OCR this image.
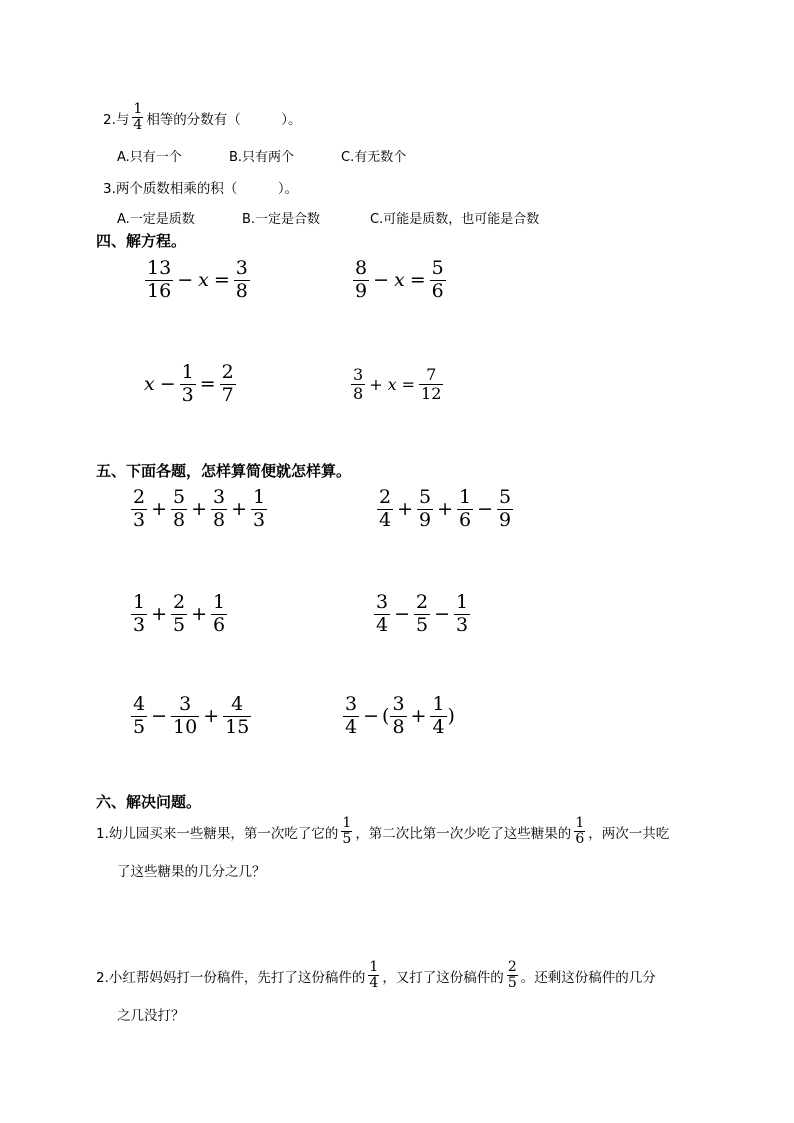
2.与
1
4 相等的分数有（　　　）。
A.只有一个	B.只有两个	C.有无数个
3.两个质数相乘的积（　　　）。
A.一定是质数	B.一定是合数	C.可能是质数，也可能是合数
四、解方程。
$\frac{13}{16} - x = \frac{3}{8}$	$\frac{8}{9} - x = \frac{5}{6}$
$x - \frac{1}{3} = \frac{2}{7}$	$\frac{3}{8} + x = \frac{7}{12}$
五、下面各题，怎样算简便就怎样算。
$\frac{2}{3} + \frac{5}{8} + \frac{3}{8} + \frac{1}{3}$	$\frac{2}{4} + \frac{5}{9} + \frac{1}{6} - \frac{5}{9}$
$\frac{1}{3} + \frac{2}{5} + \frac{1}{6}$	$\frac{3}{4} - \frac{2}{5} - \frac{1}{3}$
$\frac{4}{5} - \frac{3}{10} + \frac{4}{15}$	$\frac{3}{4}$ − ( $\frac{3}{8} + \frac{1}{4}$ )
六、解决问题。
1.幼儿园买来一些糖果，第一次吃了它的
1
5 ，第二次比第一次少吃了这些糖果的
1
6 ，两次一共吃
了这些糖果的几分之几？
2.小红帮妈妈打一份稿件，先打了这份稿件的
1
4 ，又打了这份稿件的
2
5 。还剩这份稿件的几分
之几没打？
